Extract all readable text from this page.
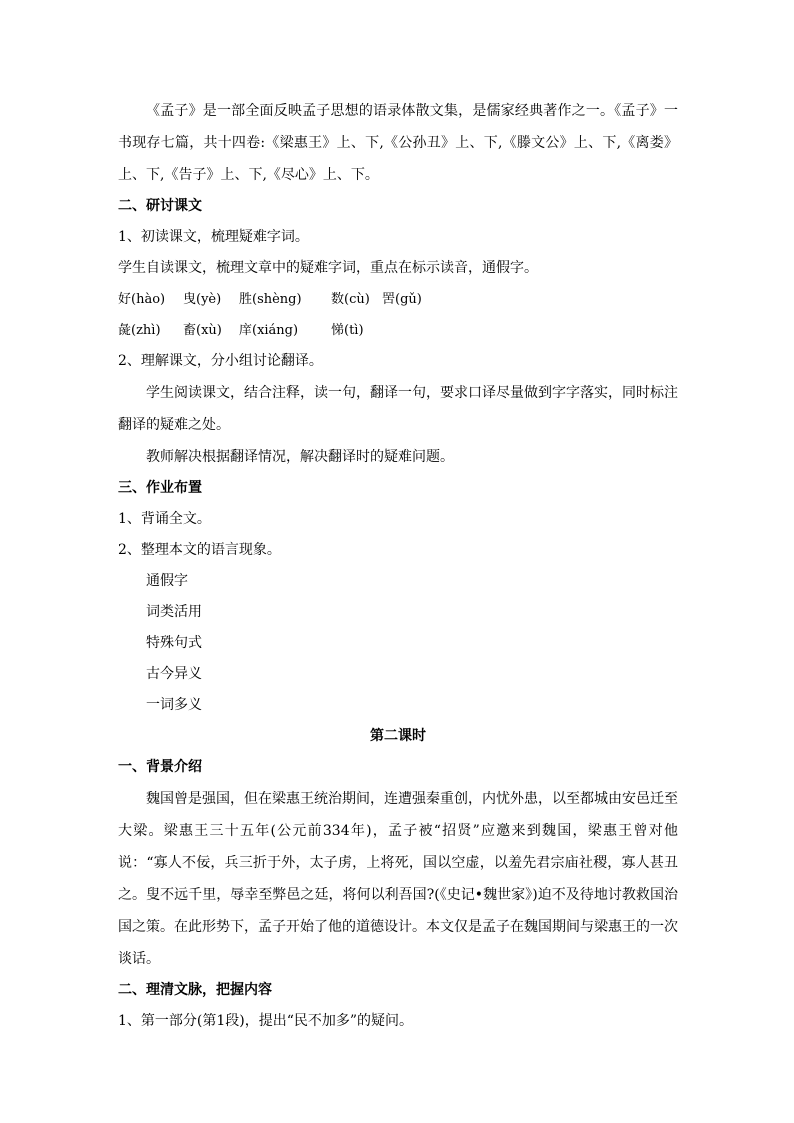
《孟子》是一部全面反映孟子思想的语录体散文集，是儒家经典著作之一。《孟子》一书现存七篇，共十四卷:《梁惠王》上、下,《公孙丑》上、下,《滕文公》上、下,《离娄》上、下,《告子》上、下,《尽心》上、下。

二、研讨课文

1、初读课文，梳理疑难字词。

学生自读课文，梳理文章中的疑难字词，重点在标示读音，通假字。

好(hào) 曳(yè) 胜(shèng) 数(cù) 罟(gǔ)
彘(zhì) 畜(xù) 庠(xiáng)	悌(tì)

2、理解课文，分小组讨论翻译。

学生阅读课文，结合注释，读一句，翻译一句，要求口译尽量做到字字落实，同时标注翻译的疑难之处。

教师解决根据翻译情况，解决翻译时的疑难问题。

三、作业布置

1、背诵全文。

2、整理本文的语言现象。

通假字

词类活用

特殊句式

古今异义

一词多义

第二课时

一、背景介绍

魏国曾是强国，但在梁惠王统治期间，连遭强秦重创，内忧外患，以至都城由安邑迁至大梁。梁惠王三十五年(公元前334年)，孟子被“招贤”应邀来到魏国，梁惠王曾对他说：“寡人不佞，兵三折于外，太子虏，上将死，国以空虚，以羞先君宗庙社稷，寡人甚丑之。叟不远千里，辱幸至弊邑之廷，将何以利吾国?(《史记•魏世家》)迫不及待地讨教救国治国之策。在此形势下，孟子开始了他的道德设计。本文仅是孟子在魏国期间与梁惠王的一次谈话。

二、理清文脉，把握内容

1、第一部分(第1段)，提出“民不加多”的疑问。
